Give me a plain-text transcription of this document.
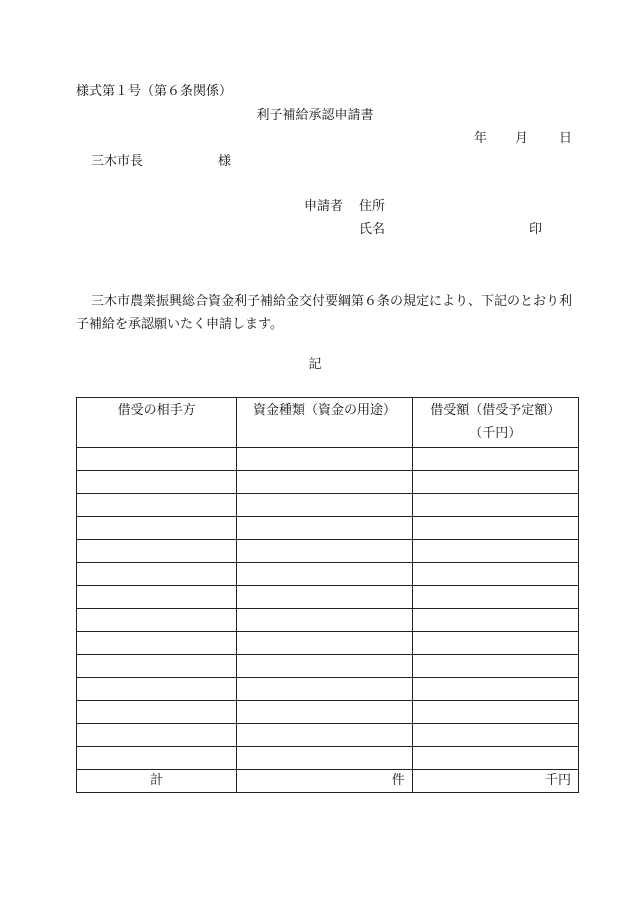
様式第１号（第６条関係）
利子補給承認申請書
年 月 日
三木市長	様
申請者 住所
氏名	印
三木市農業振興総合資金利子補給金交付要綱第６条の規定により、下記のとおり利子補給を承認願いたく申請します。
記
借受の相手方	資金種類（資金の用途）	借受額（借受予定額）
（千円）

計	件	千円
